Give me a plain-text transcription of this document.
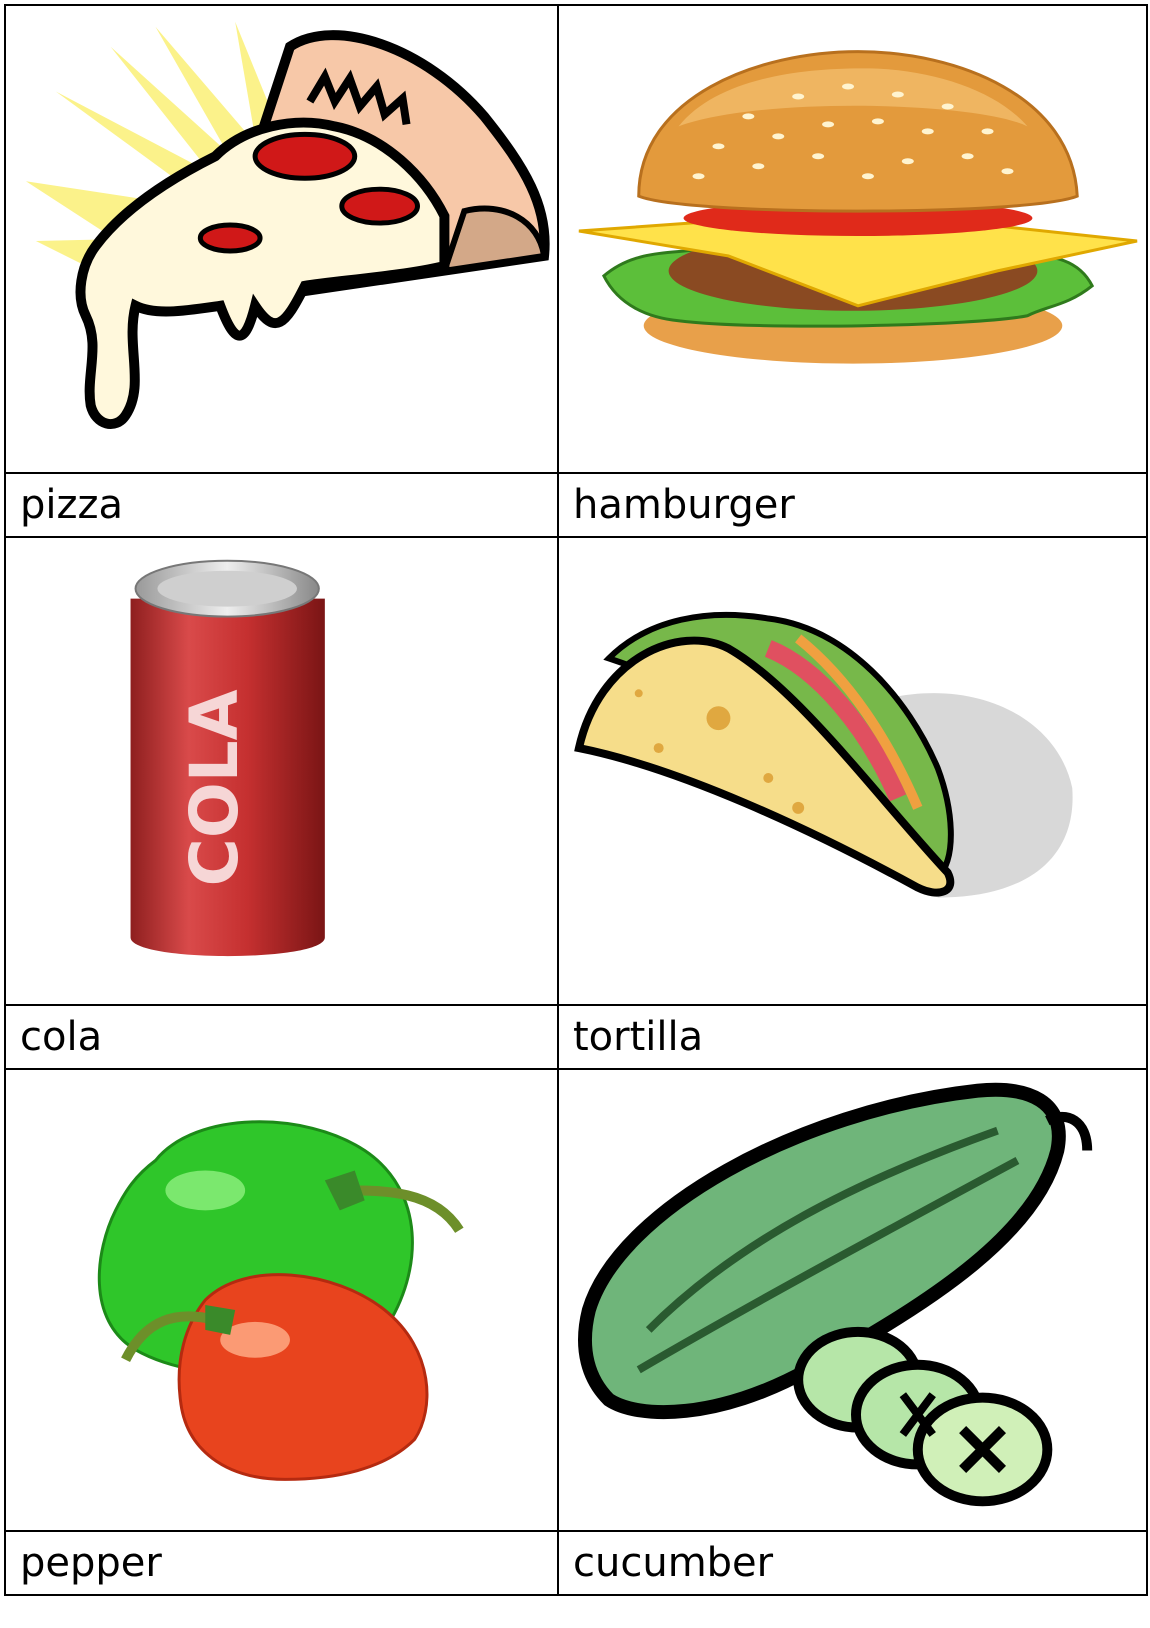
pizza	hamburger

COLA

cola	tortilla

pepper	cucumber
